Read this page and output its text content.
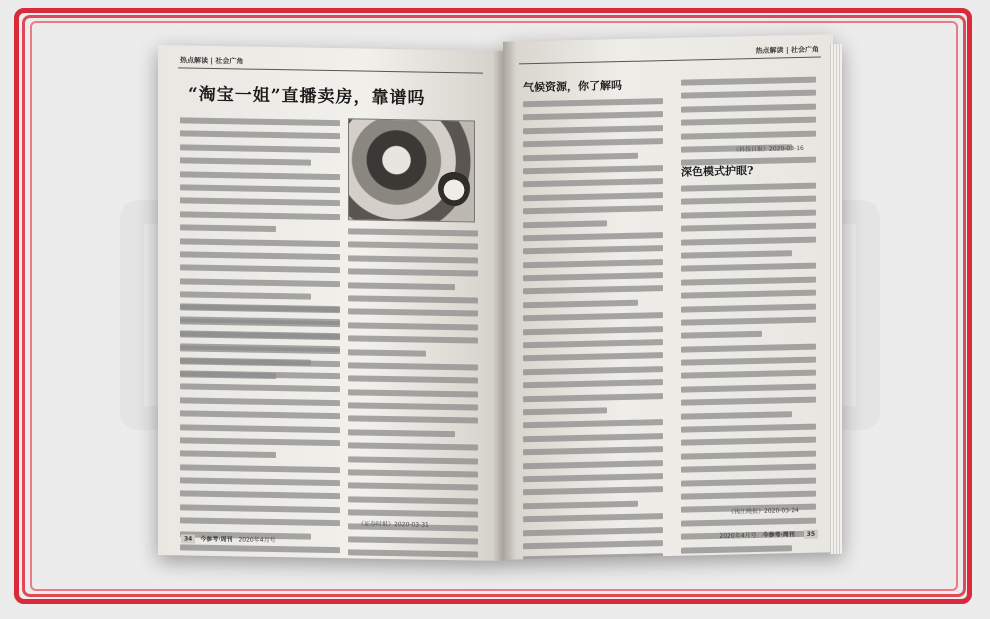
热点解读 | 社会广角
“淘宝一姐”直播卖房，靠谱吗
《证券时报》2020-03-31
34 今参考·周刊 2020年4月号
热点解读 | 社会广角
气候资源，你了解吗
《科技日报》2020-03-16
深色模式护眼?
《钱江晚报》2020-03-24
2020年4月号 今参考·周刊 35
